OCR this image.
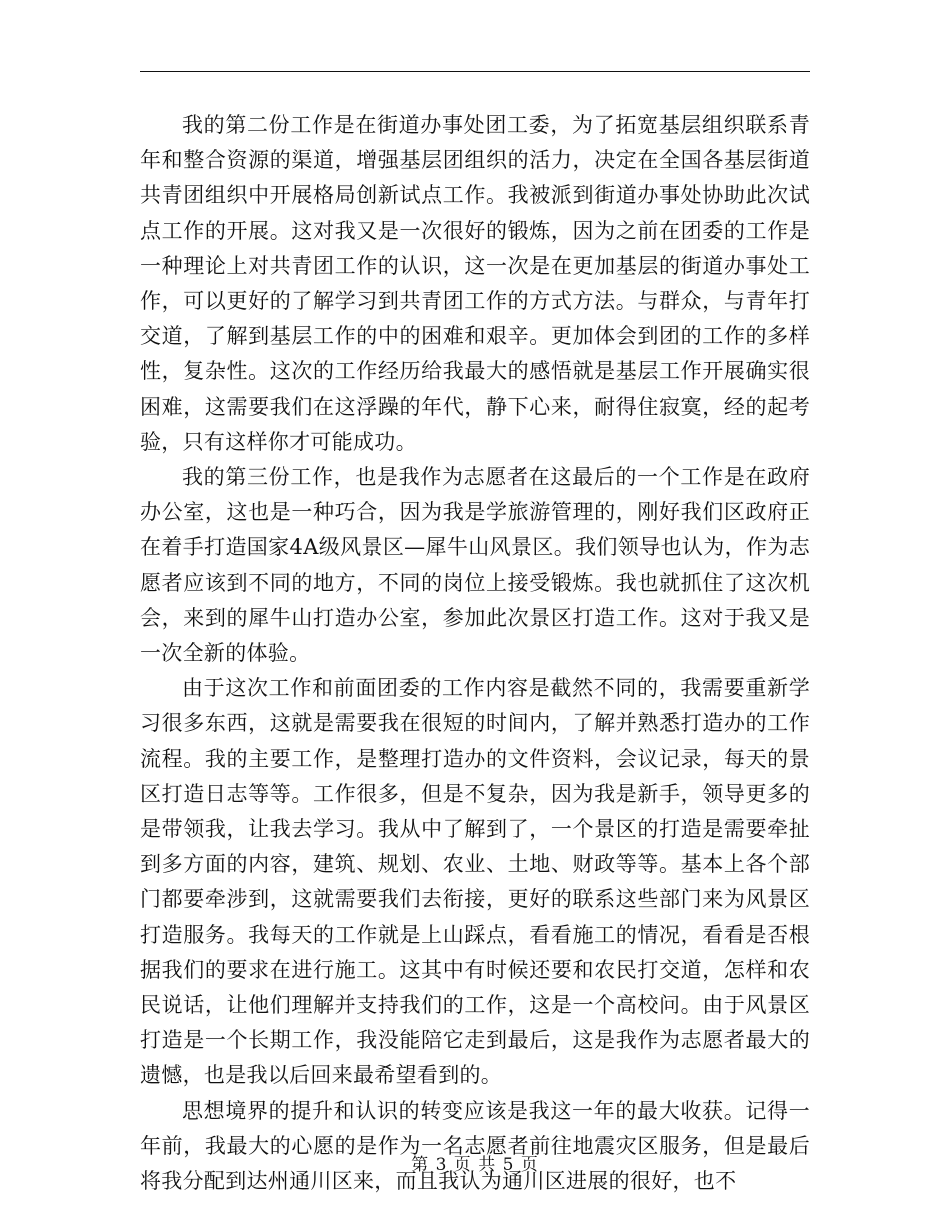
我的第二份工作是在街道办事处团工委，为了拓宽基层组织联系青年和整合资源的渠道，增强基层团组织的活力，决定在全国各基层街道共青团组织中开展格局创新试点工作。我被派到街道办事处协助此次试点工作的开展。这对我又是一次很好的锻炼，因为之前在团委的工作是一种理论上对共青团工作的认识，这一次是在更加基层的街道办事处工作，可以更好的了解学习到共青团工作的方式方法。与群众，与青年打交道，了解到基层工作的中的困难和艰辛。更加体会到团的工作的多样性，复杂性。这次的工作经历给我最大的感悟就是基层工作开展确实很困难，这需要我们在这浮躁的年代，静下心来，耐得住寂寞，经的起考验，只有这样你才可能成功。

我的第三份工作，也是我作为志愿者在这最后的一个工作是在政府办公室，这也是一种巧合，因为我是学旅游管理的，刚好我们区政府正在着手打造国家4A级风景区—犀牛山风景区。我们领导也认为，作为志愿者应该到不同的地方，不同的岗位上接受锻炼。我也就抓住了这次机会，来到的犀牛山打造办公室，参加此次景区打造工作。这对于我又是一次全新的体验。

由于这次工作和前面团委的工作内容是截然不同的，我需要重新学习很多东西，这就是需要我在很短的时间内，了解并熟悉打造办的工作流程。我的主要工作，是整理打造办的文件资料，会议记录，每天的景区打造日志等等。工作很多，但是不复杂，因为我是新手，领导更多的是带领我，让我去学习。我从中了解到了，一个景区的打造是需要牵扯到多方面的内容，建筑、规划、农业、土地、财政等等。基本上各个部门都要牵涉到，这就需要我们去衔接，更好的联系这些部门来为风景区打造服务。我每天的工作就是上山踩点，看看施工的情况，看看是否根据我们的要求在进行施工。这其中有时候还要和农民打交道，怎样和农民说话，让他们理解并支持我们的工作，这是一个高校问。由于风景区打造是一个长期工作，我没能陪它走到最后，这是我作为志愿者最大的遗憾，也是我以后回来最希望看到的。

思想境界的提升和认识的转变应该是我这一年的最大收获。记得一年前，我最大的心愿的是作为一名志愿者前往地震灾区服务，但是最后将我分配到达州通川区来，而且我认为通川区进展的很好，也不

第 3 页 共 5 页
